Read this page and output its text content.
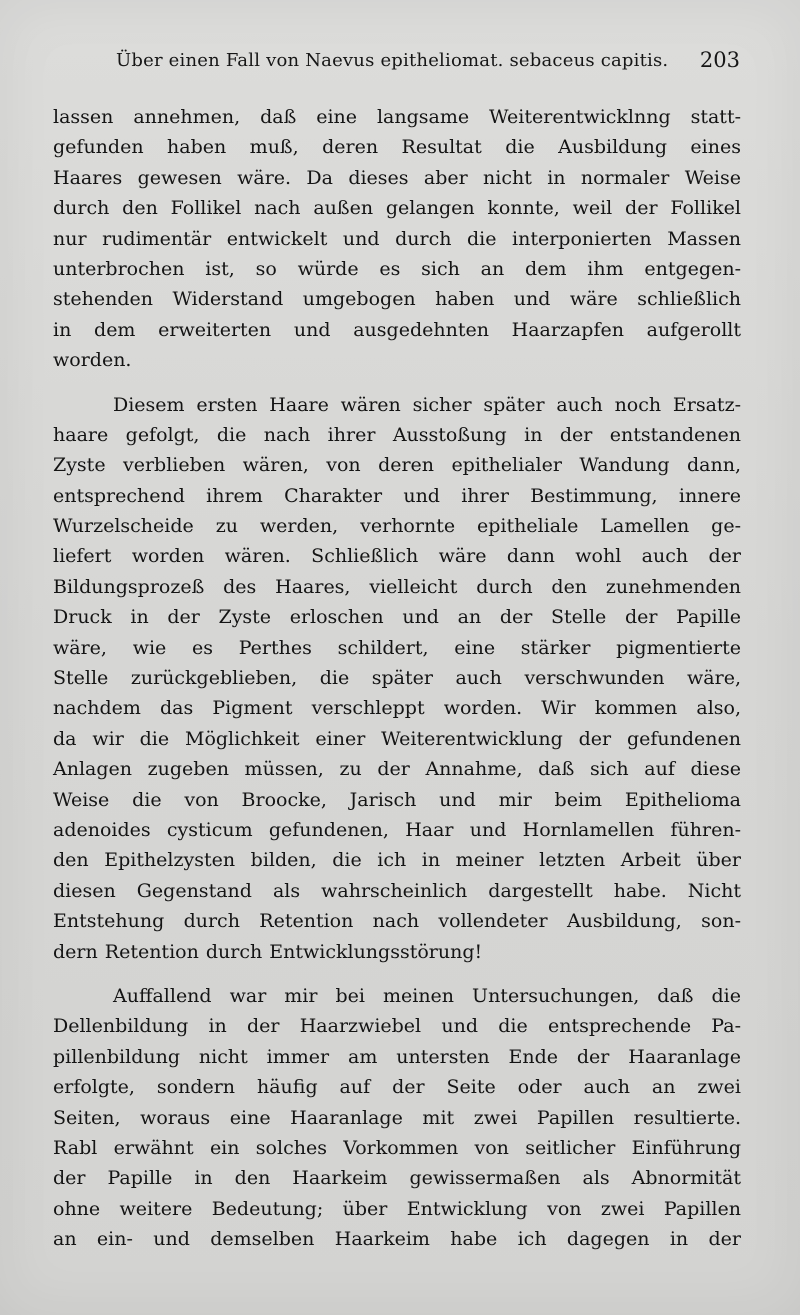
Über einen Fall von Naevus epitheliomat. sebaceus capitis. 203
lassen annehmen, daß eine langsame Weiterentwicklnng statt-
gefunden haben muß, deren Resultat die Ausbildung eines
Haares gewesen wäre. Da dieses aber nicht in normaler Weise
durch den Follikel nach außen gelangen konnte, weil der Follikel
nur rudimentär entwickelt und durch die interponierten Massen
unterbrochen ist, so würde es sich an dem ihm entgegen-
stehenden Widerstand umgebogen haben und wäre schließlich
in dem erweiterten und ausgedehnten Haarzapfen aufgerollt
worden.
Diesem ersten Haare wären sicher später auch noch Ersatz-
haare gefolgt, die nach ihrer Ausstoßung in der entstandenen
Zyste verblieben wären, von deren epithelialer Wandung dann,
entsprechend ihrem Charakter und ihrer Bestimmung, innere
Wurzelscheide zu werden, verhornte epitheliale Lamellen ge-
liefert worden wären. Schließlich wäre dann wohl auch der
Bildungsprozeß des Haares, vielleicht durch den zunehmenden
Druck in der Zyste erloschen und an der Stelle der Papille
wäre, wie es Perthes schildert, eine stärker pigmentierte
Stelle zurückgeblieben, die später auch verschwunden wäre,
nachdem das Pigment verschleppt worden. Wir kommen also,
da wir die Möglichkeit einer Weiterentwicklung der gefundenen
Anlagen zugeben müssen, zu der Annahme, daß sich auf diese
Weise die von Broocke, Jarisch und mir beim Epithelioma
adenoides cysticum gefundenen, Haar und Hornlamellen führen-
den Epithelzysten bilden, die ich in meiner letzten Arbeit über
diesen Gegenstand als wahrscheinlich dargestellt habe. Nicht
Entstehung durch Retention nach vollendeter Ausbildung, son-
dern Retention durch Entwicklungsstörung!
Auffallend war mir bei meinen Untersuchungen, daß die
Dellenbildung in der Haarzwiebel und die entsprechende Pa-
pillenbildung nicht immer am untersten Ende der Haaranlage
erfolgte, sondern häufig auf der Seite oder auch an zwei
Seiten, woraus eine Haaranlage mit zwei Papillen resultierte.
Rabl erwähnt ein solches Vorkommen von seitlicher Einführung
der Papille in den Haarkeim gewissermaßen als Abnormität
ohne weitere Bedeutung; über Entwicklung von zwei Papillen
an ein- und demselben Haarkeim habe ich dagegen in der
